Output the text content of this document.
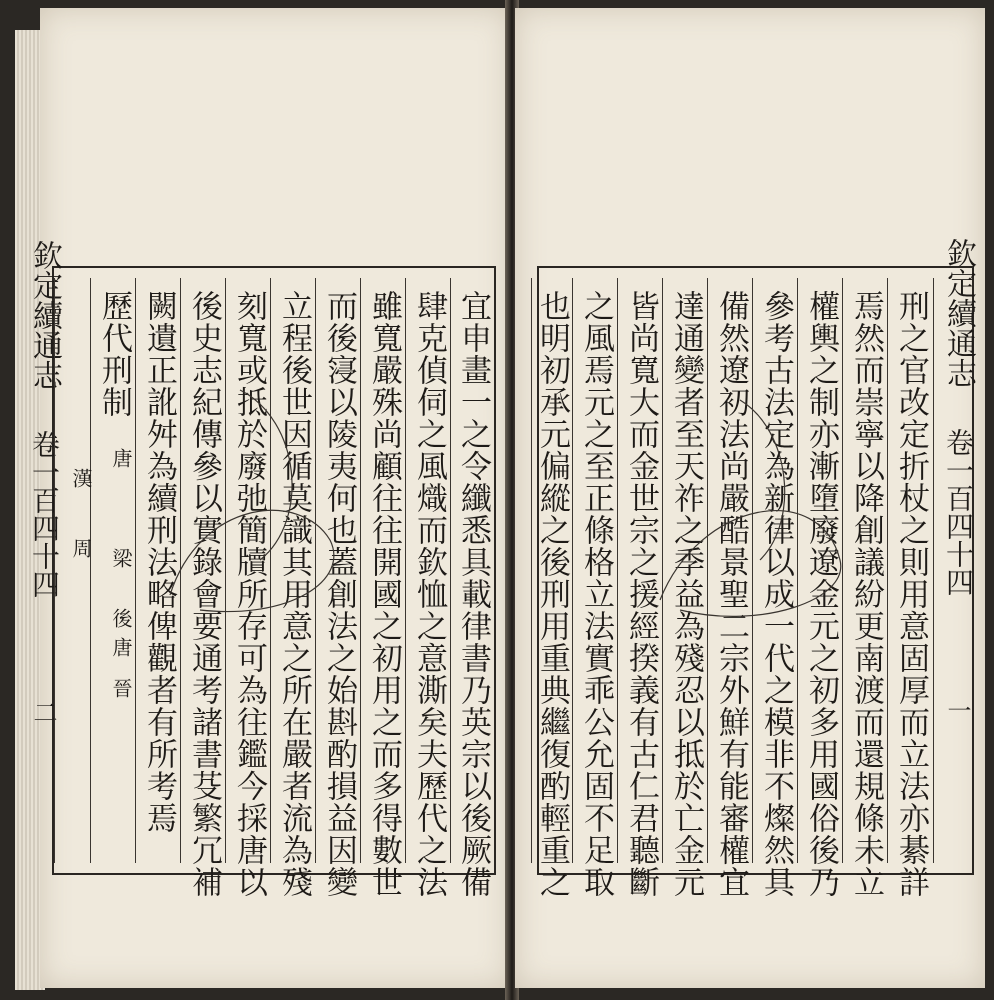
欽定續通志
卷一百四十四
二	宜申畫一之令纖悉具載律書乃英宗以後厥備
肆克偵伺之風熾而欽恤之意澌矣夫歷代之法
雖寬嚴殊尚顧往往開國之初用之而多得數世
而後寖以陵夷何也蓋創法之始斟酌損益因變
立程後世因循莫識其用意之所在嚴者流為殘
刻寬或抵於廢弛簡牘所存可為往鑑今採唐以
後史志紀傳參以實錄會要通考諸書芟繁冗補
闕遺正訛舛為續刑法略俾觀者有所考焉
歷代刑制
唐
梁
後唐
晉
漢
周
欽定續通志
卷一百四十四
一
刑之官改定折杖之則用意固厚而立法亦綦詳
焉然而崇寧以降創議紛更南渡而還規條未立
權輿之制亦漸墮廢遼金元之初多用國俗後乃
參考古法定為新律以成一代之模非不燦然具
備然遼初法尚嚴酷景聖二宗外鮮有能審權宜
達通變者至天祚之季益為殘忍以抵於亡金元
皆尚寬大而金世宗之援經揆義有古仁君聽斷
之風焉元之至正條格立法實乖公允固不足取
也明初承元偏縱之後刑用重典繼復酌輕重之
